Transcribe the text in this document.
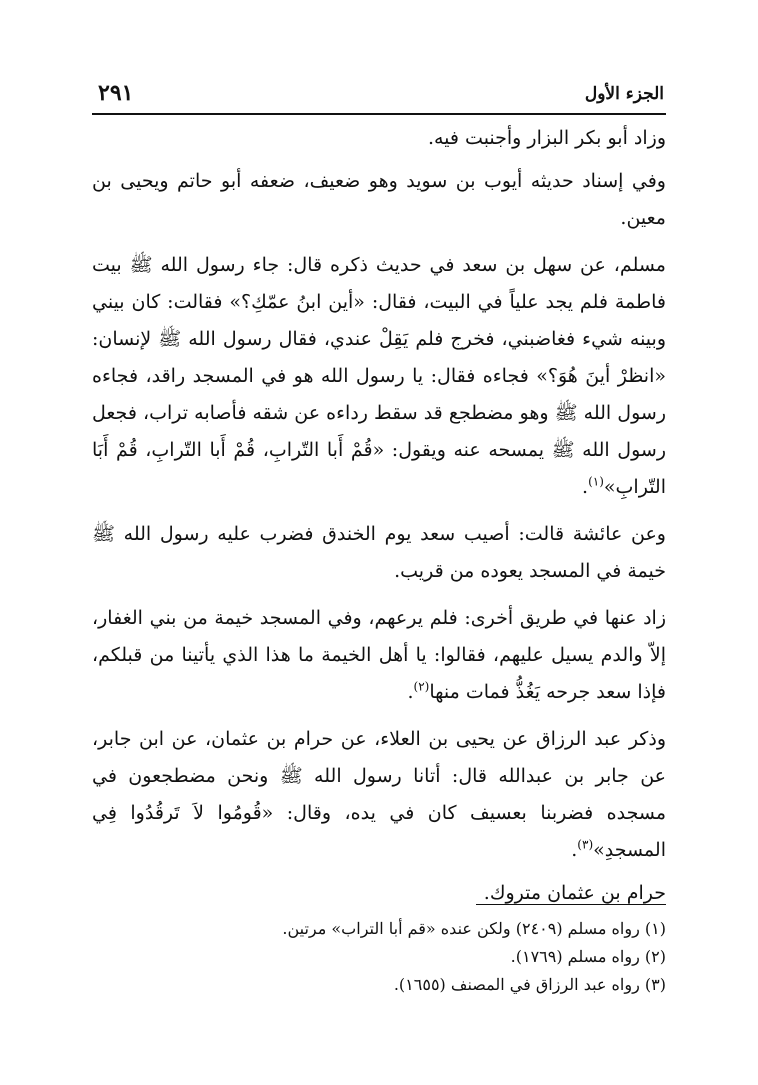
الجزء الأول
٢٩١

وزاد أبو بكر البزار وأجنبت فيه.

وفي إسناد حديثه أيوب بن سويد وهو ضعيف، ضعفه أبو حاتم ويحيى بن معين.

مسلم، عن سهل بن سعد في حديث ذكره قال: جاء رسول الله ﷺ بيت فاطمة فلم يجد علياً في البيت، فقال: «أين ابنُ عمّكِ؟» فقالت: كان بيني وبينه شيء فغاضبني، فخرج فلم يَقِلْ عندي، فقال رسول الله ﷺ لإنسان: «انظرْ أينَ هُوَ؟» فجاءه فقال: يا رسول الله هو في المسجد راقد، فجاءه رسول الله ﷺ وهو مضطجع قد سقط رداءه عن شقه فأصابه تراب، فجعل رسول الله ﷺ يمسحه عنه ويقول: «قُمْ أَبا التّرابِ، قُمْ أَبا التّرابِ، قُمْ أَبَا التّرابِ»$^{(١)}$.

وعن عائشة قالت: أصيب سعد يوم الخندق فضرب عليه رسول الله ﷺ خيمة في المسجد يعوده من قريب.

زاد عنها في طريق أخرى: فلم يرعهم، وفي المسجد خيمة من بني الغفار، إلاّ والدم يسيل عليهم، فقالوا: يا أهل الخيمة ما هذا الذي يأتينا من قبلكم، فإذا سعد جرحه يَغُذُّ فمات منها$^{(٢)}$.

وذكر عبد الرزاق عن يحيى بن العلاء، عن حرام بن عثمان، عن ابن جابر، عن جابر بن عبدالله قال: أتانا رسول الله ﷺ ونحن مضطجعون في مسجده فضربنا بعسيف كان في يده، وقال: «قُومُوا لاَ تَرقُدُوا فِي المسجدِ»$^{(٣)}$.

حرام بن عثمان متروك.

(١) رواه مسلم (٢٤٠٩) ولكن عنده «قم أبا التراب» مرتين.

(٢) رواه مسلم (١٧٦٩).

(٣) رواه عبد الرزاق في المصنف (١٦٥٥).
